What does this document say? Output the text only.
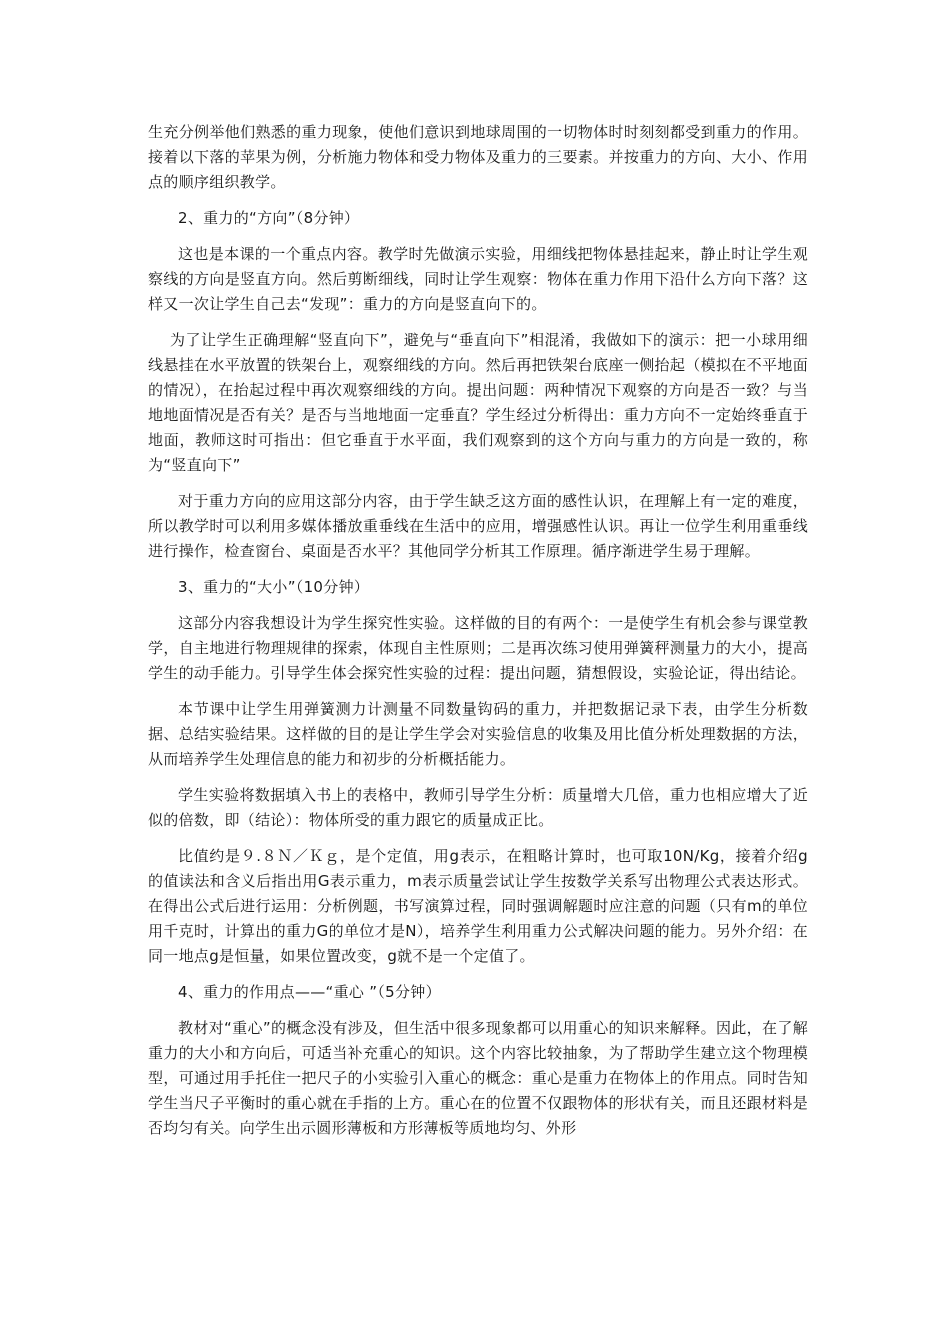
生充分例举他们熟悉的重力现象，使他们意识到地球周围的一切物体时时刻刻都受到重力的作用。接着以下落的苹果为例，分析施力物体和受力物体及重力的三要素。并按重力的方向、大小、作用点的顺序组织教学。

2、重力的“方向”（8分钟）

这也是本课的一个重点内容。教学时先做演示实验，用细线把物体悬挂起来，静止时让学生观察线的方向是竖直方向。然后剪断细线，同时让学生观察：物体在重力作用下沿什么方向下落？这样又一次让学生自己去“发现”：重力的方向是竖直向下的。

为了让学生正确理解“竖直向下”，避免与“垂直向下”相混淆，我做如下的演示：把一小球用细线悬挂在水平放置的铁架台上，观察细线的方向。然后再把铁架台底座一侧抬起（模拟在不平地面的情况），在抬起过程中再次观察细线的方向。提出问题：两种情况下观察的方向是否一致？与当地地面情况是否有关？是否与当地地面一定垂直？学生经过分析得出：重力方向不一定始终垂直于地面，教师这时可指出：但它垂直于水平面，我们观察到的这个方向与重力的方向是一致的，称为“竖直向下”

对于重力方向的应用这部分内容，由于学生缺乏这方面的感性认识，在理解上有一定的难度，所以教学时可以利用多媒体播放重垂线在生活中的应用，增强感性认识。再让一位学生利用重垂线进行操作，检查窗台、桌面是否水平？其他同学分析其工作原理。循序渐进学生易于理解。

3、重力的“大小”（10分钟）

这部分内容我想设计为学生探究性实验。这样做的目的有两个：一是使学生有机会参与课堂教学，自主地进行物理规律的探索，体现自主性原则；二是再次练习使用弹簧秤测量力的大小，提高学生的动手能力。引导学生体会探究性实验的过程：提出问题，猜想假设，实验论证，得出结论。

本节课中让学生用弹簧测力计测量不同数量钩码的重力，并把数据记录下表，由学生分析数据、总结实验结果。这样做的目的是让学生学会对实验信息的收集及用比值分析处理数据的方法，从而培养学生处理信息的能力和初步的分析概括能力。

学生实验将数据填入书上的表格中，教师引导学生分析：质量增大几倍，重力也相应增大了近似的倍数，即（结论）：物体所受的重力跟它的质量成正比。

比值约是９.８Ｎ／Ｋｇ，是个定值，用g表示，在粗略计算时，也可取10N/Kg，接着介绍g的值读法和含义后指出用G表示重力，m表示质量尝试让学生按数学关系写出物理公式表达形式。在得出公式后进行运用：分析例题，书写演算过程，同时强调解题时应注意的问题（只有m的单位用千克时，计算出的重力G的单位才是N），培养学生利用重力公式解决问题的能力。另外介绍：在同一地点g是恒量，如果位置改变，g就不是一个定值了。

4、重力的作用点——“重心 ”（5分钟）

教材对“重心”的概念没有涉及，但生活中很多现象都可以用重心的知识来解释。因此，在了解重力的大小和方向后，可适当补充重心的知识。这个内容比较抽象，为了帮助学生建立这个物理模型，可通过用手托住一把尺子的小实验引入重心的概念：重心是重力在物体上的作用点。同时告知学生当尺子平衡时的重心就在手指的上方。重心在的位置不仅跟物体的形状有关，而且还跟材料是否均匀有关。向学生出示圆形薄板和方形薄板等质地均匀、外形
